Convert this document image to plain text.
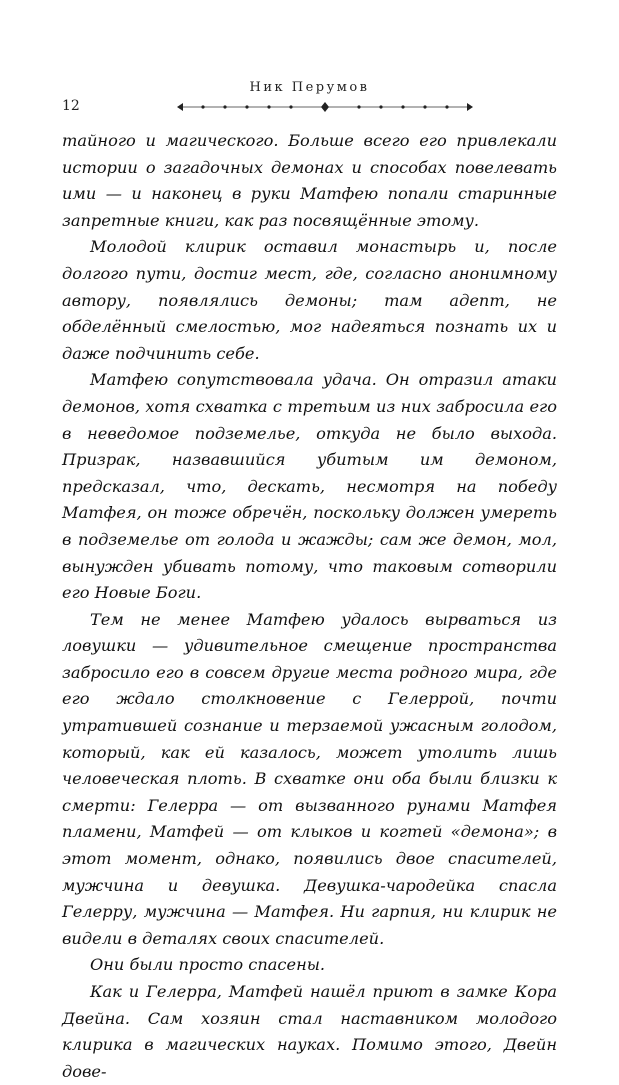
Ник Перумов
12

тайного и магического. Больше всего его привлекали истории о загадочных демонах и способах повелевать ими — и наконец в руки Матфею попали старинные запретные книги, как раз посвящённые этому.

Молодой клирик оставил монастырь и, после долгого пути, достиг мест, где, согласно анонимному автору, появлялись демоны; там адепт, не обделённый смелостью, мог надеяться познать их и даже подчинить себе.

Матфею сопутствовала удача. Он отразил атаки демонов, хотя схватка с третьим из них забросила его в неведомое подземелье, откуда не было выхода. Призрак, назвавшийся убитым им демоном, предсказал, что, дескать, несмотря на победу Матфея, он тоже обречён, поскольку должен умереть в подземелье от голода и жажды; сам же демон, мол, вынужден убивать потому, что таковым сотворили его Новые Боги.

Тем не менее Матфею удалось вырваться из ловушки — удивительное смещение пространства забросило его в совсем другие места родного мира, где его ждало столкновение с Гелеррой, почти утратившей сознание и терзаемой ужасным голодом, который, как ей казалось, может утолить лишь человеческая плоть. В схватке они оба были близки к смерти: Гелерра — от вызванного рунами Матфея пламени, Матфей — от клыков и когтей «демона»; в этот момент, однако, появились двое спасителей, мужчина и девушка. Девушка-чародейка спасла Гелерру, мужчина — Матфея. Ни гарпия, ни клирик не видели в деталях своих спасителей.

Они были просто спасены.

Как и Гелерра, Матфей нашёл приют в замке Кора Двейна. Сам хозяин стал наставником молодого клирика в магических науках. Помимо этого, Двейн дове-
